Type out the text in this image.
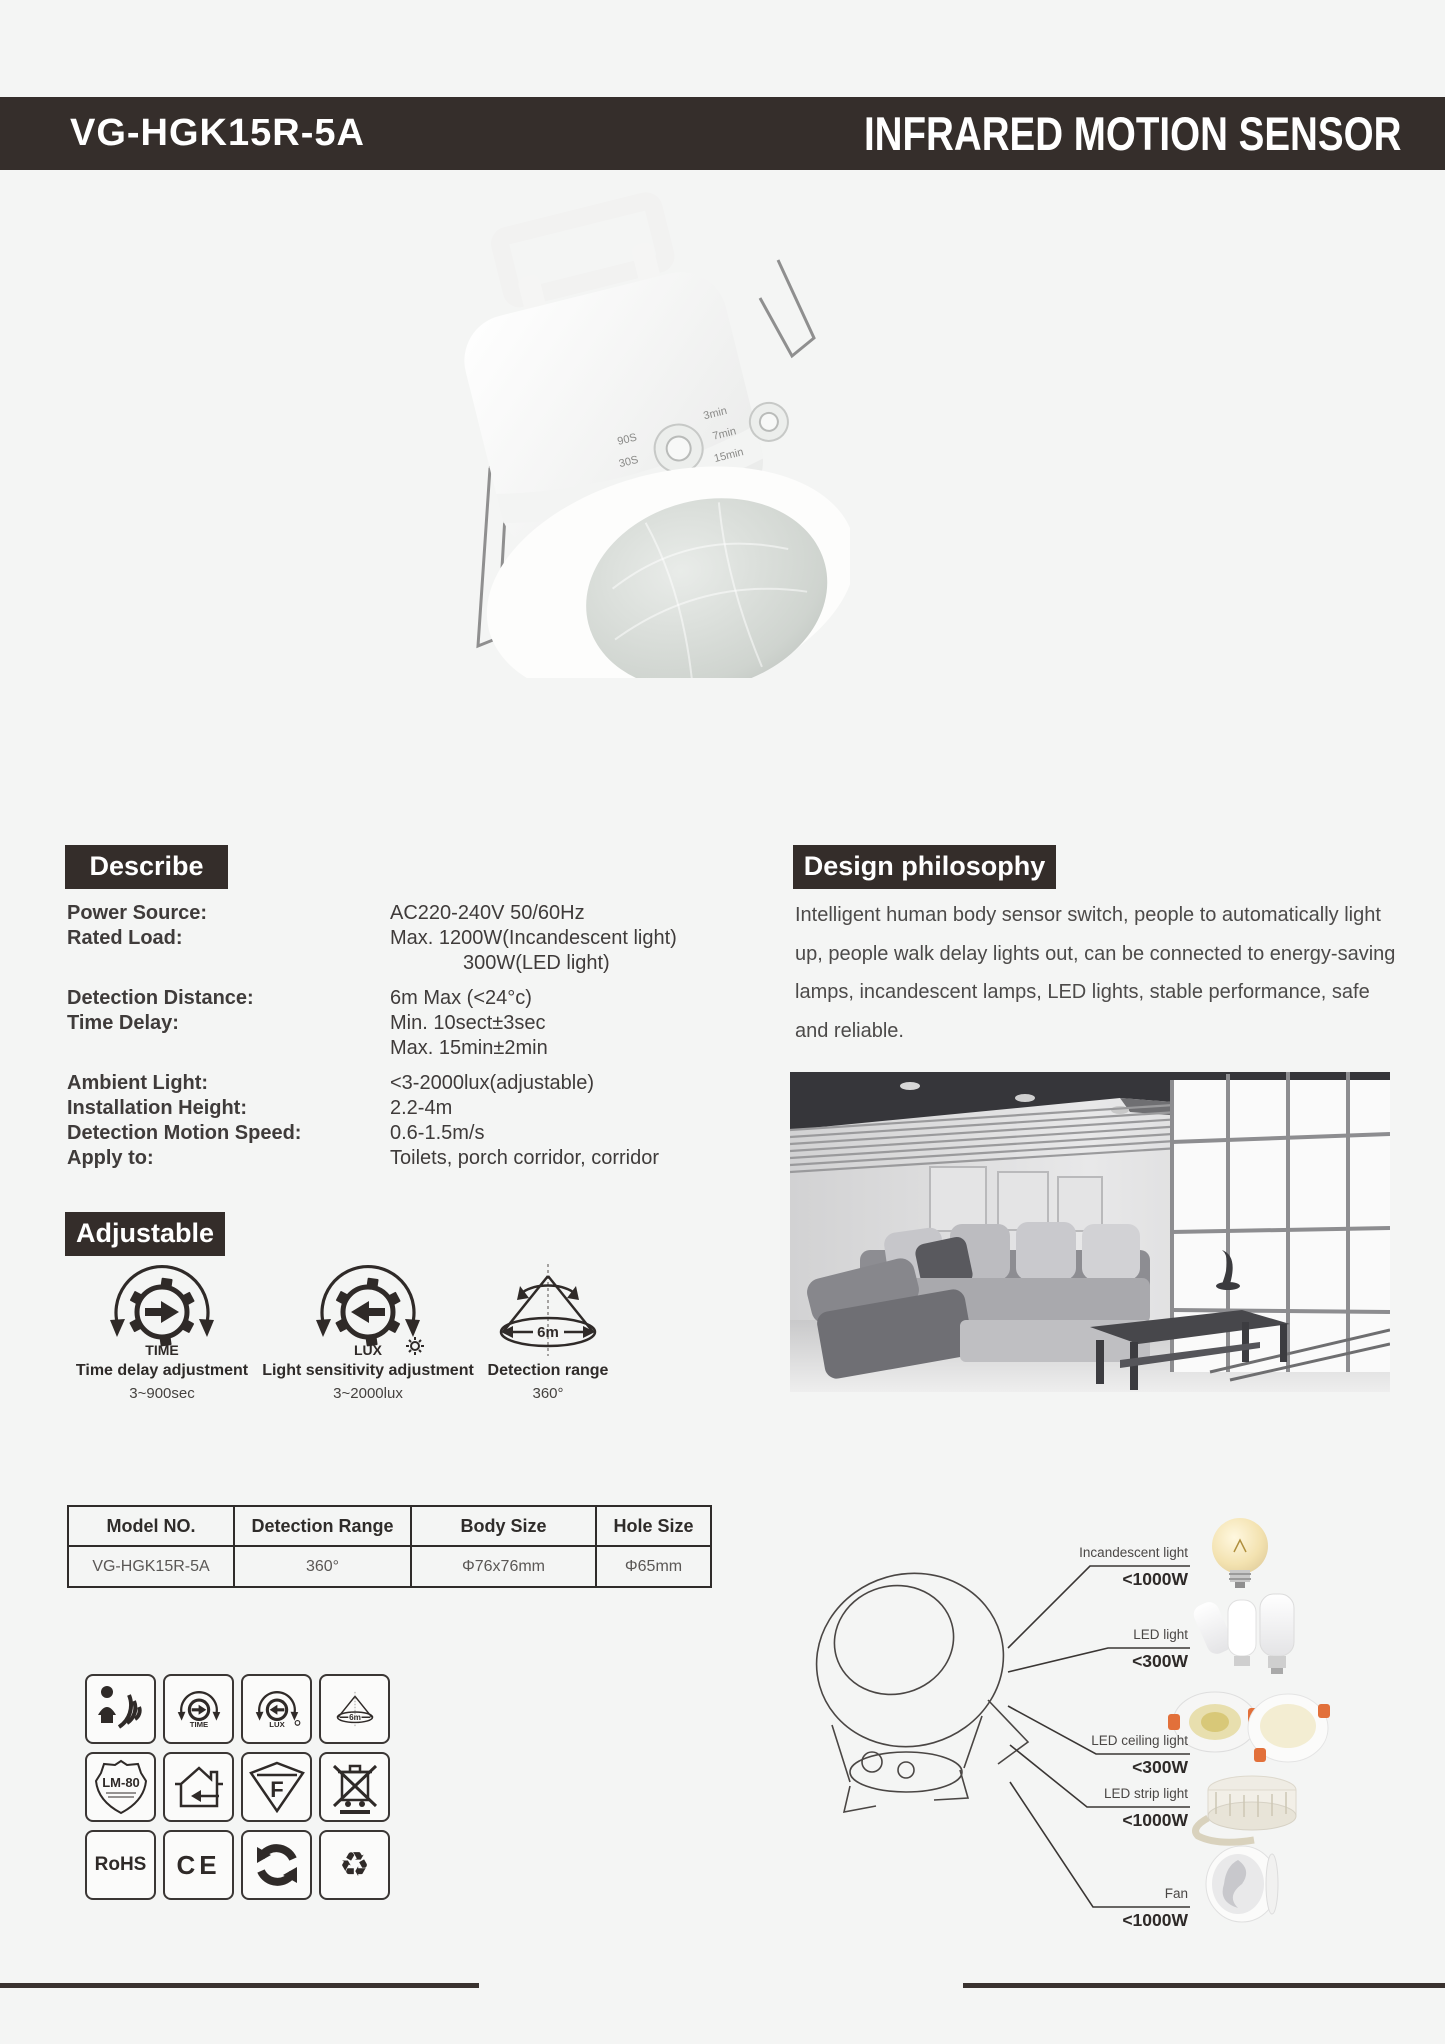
VG-HGK15R-5A	INFRARED MOTION SENSOR
90S
30S
3min
7min
15min
Describe
Power Source:	AC220-240V 50/60Hz
Rated Load:	Max. 1200W(Incandescent light)
300W(LED light)
Detection Distance:	6m Max (<24°c)
Time Delay:	Min. 10sect±3sec
Max. 15min±2min
Ambient Light:	<3-2000lux(adjustable)
Installation Height:	2.2-4m
Detection Motion Speed:	0.6-1.5m/s
Apply to:	Toilets, porch corridor, corridor
Design philosophy
Intelligent human body sensor switch, people to automatically light up, people walk delay lights out, can be connected to energy-saving lamps, incandescent lamps, LED lights, stable performance, safe and reliable.
Adjustable
TIME
Time delay adjustment
3~900sec
LUX
Light sensitivity adjustment
3~2000lux
6m
Detection range
360°
Model NO.	Detection Range	Body Size	Hole Size
VG-HGK15R-5A	360°	Φ76x76mm	Φ65mm
TIME	LUX
6m
LM-80	F
RoHS CE	♻
Incandescent light
<1000W
LED light
<300W
LED ceiling light
<300W
LED strip light
<1000W
Fan
<1000W
